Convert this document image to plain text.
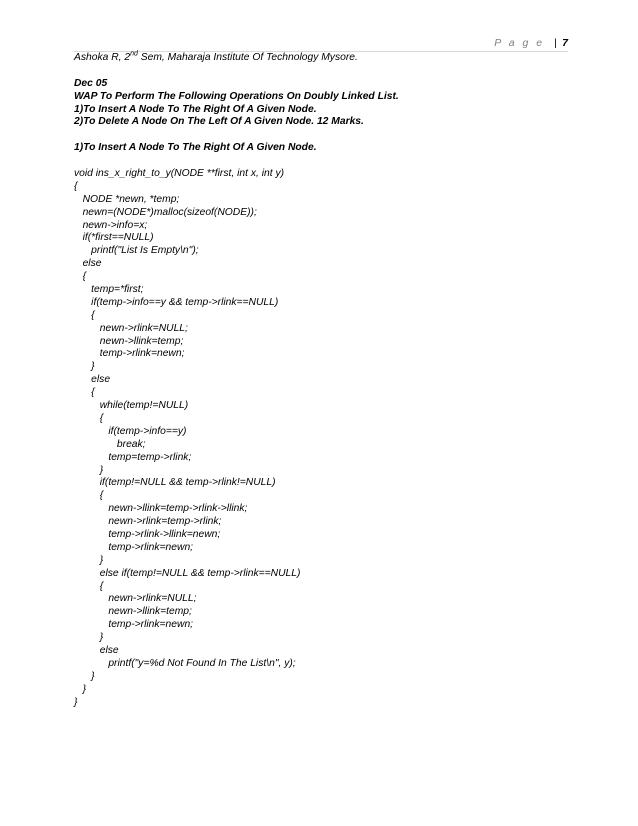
P a g e | 7
Ashoka R, 2nd Sem, Maharaja Institute Of Technology Mysore.
Dec 05
WAP To Perform The Following Operations On Doubly Linked List.
1)To Insert A Node To The Right Of A Given Node.
2)To Delete A Node On The Left Of A Given Node. 12 Marks.
1)To Insert A Node To The Right Of A Given Node.
void ins_x_right_to_y(NODE **first, int x, int y)
{
NODE *newn, *temp;
newn=(NODE*)malloc(sizeof(NODE));
newn->info=x;
if(*first==NULL)
printf("List Is Empty\n");
else
{
temp=*first;
if(temp->info==y && temp->rlink==NULL)
{
newn->rlink=NULL;
newn->llink=temp;
temp->rlink=newn;
}
else
{
while(temp!=NULL)
{
if(temp->info==y)
break;
temp=temp->rlink;
}
if(temp!=NULL && temp->rlink!=NULL)
{
newn->llink=temp->rlink->llink;
newn->rlink=temp->rlink;
temp->rlink->llink=newn;
temp->rlink=newn;
}
else if(temp!=NULL && temp->rlink==NULL)
{
newn->rlink=NULL;
newn->llink=temp;
temp->rlink=newn;
}
else
printf("y=%d Not Found In The List\n", y);
}
}
}
